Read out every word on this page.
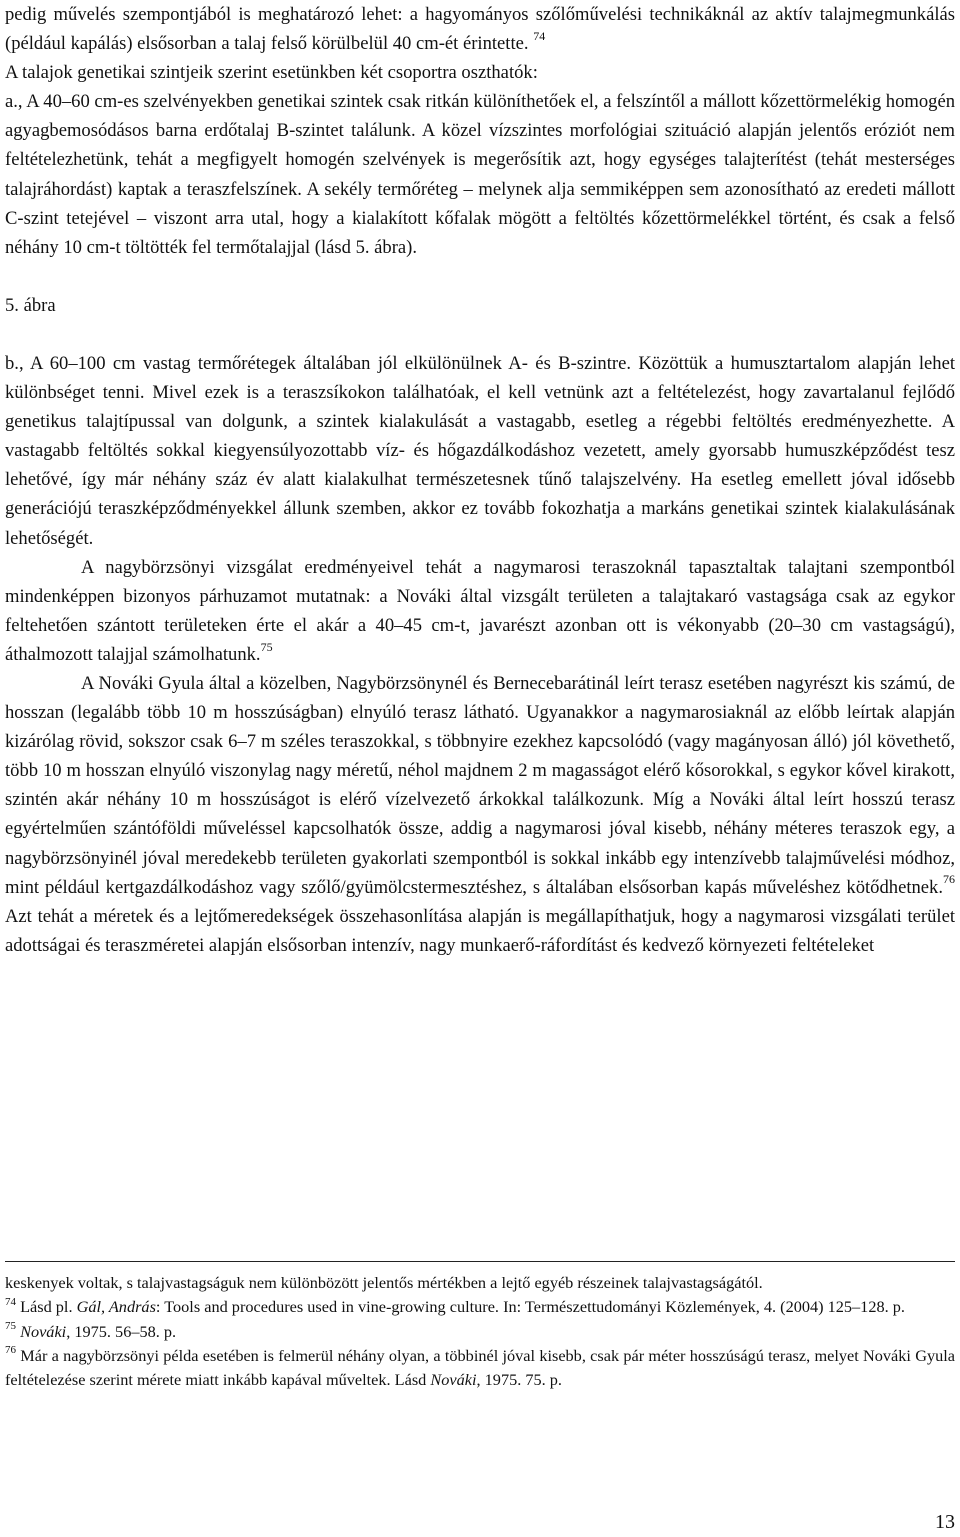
pedig művelés szempontjából is meghatározó lehet: a hagyományos szőlőművelési technikáknál az aktív talajmegmunkálás (például kapálás) elsősorban a talaj felső körülbelül 40 cm-ét érintette. $^{74}$

A talajok genetikai szintjeik szerint esetünkben két csoportra oszthatók:

a., A 40–60 cm-es szelvényekben genetikai szintek csak ritkán különíthetőek el, a felszíntől a mállott kőzettörmelékig homogén agyagbemosódásos barna erdőtalaj B-szintet találunk. A közel vízszintes morfológiai szituáció alapján jelentős eróziót nem feltételezhetünk, tehát a megfigyelt homogén szelvények is megerősítik azt, hogy egységes talajterítést (tehát mesterséges talajráhordást) kaptak a teraszfelszínek. A sekély termőréteg – melynek alja semmiképpen sem azonosítható az eredeti mállott C-szint tetejével – viszont arra utal, hogy a kialakított kőfalak mögött a feltöltés kőzettörmelékkel történt, és csak a felső néhány 10 cm-t töltötték fel termőtalajjal (lásd 5. ábra).

5. ábra

b., A 60–100 cm vastag termőrétegek általában jól elkülönülnek A- és B-szintre. Közöttük a humusztartalom alapján lehet különbséget tenni. Mivel ezek is a teraszsíkokon találhatóak, el kell vetnünk azt a feltételezést, hogy zavartalanul fejlődő genetikus talajtípussal van dolgunk, a szintek kialakulását a vastagabb, esetleg a régebbi feltöltés eredményezhette. A vastagabb feltöltés sokkal kiegyensúlyozottabb víz- és hőgazdálkodáshoz vezetett, amely gyorsabb humuszképződést tesz lehetővé, így már néhány száz év alatt kialakulhat természetesnek tűnő talajszelvény. Ha esetleg emellett jóval idősebb generációjú teraszképződményekkel állunk szemben, akkor ez tovább fokozhatja a markáns genetikai szintek kialakulásának lehetőségét.

A nagybörzsönyi vizsgálat eredményeivel tehát a nagymarosi teraszoknál tapasztaltak talajtani szempontból mindenképpen bizonyos párhuzamot mutatnak: a Nováki által vizsgált területen a talajtakaró vastagsága csak az egykor feltehetően szántott területeken érte el akár a 40–45 cm-t, javarészt azonban ott is vékonyabb (20–30 cm vastagságú), áthalmozott talajjal számolhatunk.$^{75}$

A Nováki Gyula által a közelben, Nagybörzsönynél és Bernecebarátinál leírt terasz esetében nagyrészt kis számú, de hosszan (legalább több 10 m hosszúságban) elnyúló terasz látható. Ugyanakkor a nagymarosiaknál az előbb leírtak alapján kizárólag rövid, sokszor csak 6–7 m széles teraszokkal, s többnyire ezekhez kapcsolódó (vagy magányosan álló) jól követhető, több 10 m hosszan elnyúló viszonylag nagy méretű, néhol majdnem 2 m magasságot elérő kősorokkal, s egykor kővel kirakott, szintén akár néhány 10 m hosszúságot is elérő vízelvezető árkokkal találkozunk. Míg a Nováki által leírt hosszú terasz egyértelműen szántóföldi műveléssel kapcsolhatók össze, addig a nagymarosi jóval kisebb, néhány méteres teraszok egy, a nagybörzsönyinél jóval meredekebb területen gyakorlati szempontból is sokkal inkább egy intenzívebb talajművelési módhoz, mint például kertgazdálkodáshoz vagy szőlő/gyümölcstermesztéshez, s általában elsősorban kapás műveléshez kötődhetnek.$^{76}$ Azt tehát a méretek és a lejtőmeredekségek összehasonlítása alapján is megállapíthatjuk, hogy a nagymarosi vizsgálati terület adottságai és teraszméretei alapján elsősorban intenzív, nagy munkaerő-ráfordítást és kedvező környezeti feltételeket

keskenyek voltak, s talajvastagságuk nem különbözött jelentős mértékben a lejtő egyéb részeinek talajvastagságától.

$^{74}$ Lásd pl. Gál, András: Tools and procedures used in vine-growing culture. In: Természettudományi Közlemények, 4. (2004) 125–128. p.

$^{75}$ Nováki, 1975. 56–58. p.

$^{76}$ Már a nagybörzsönyi példa esetében is felmerül néhány olyan, a többinél jóval kisebb, csak pár méter hosszúságú terasz, melyet Nováki Gyula feltételezése szerint mérete miatt inkább kapával műveltek. Lásd Nováki, 1975. 75. p.

13
